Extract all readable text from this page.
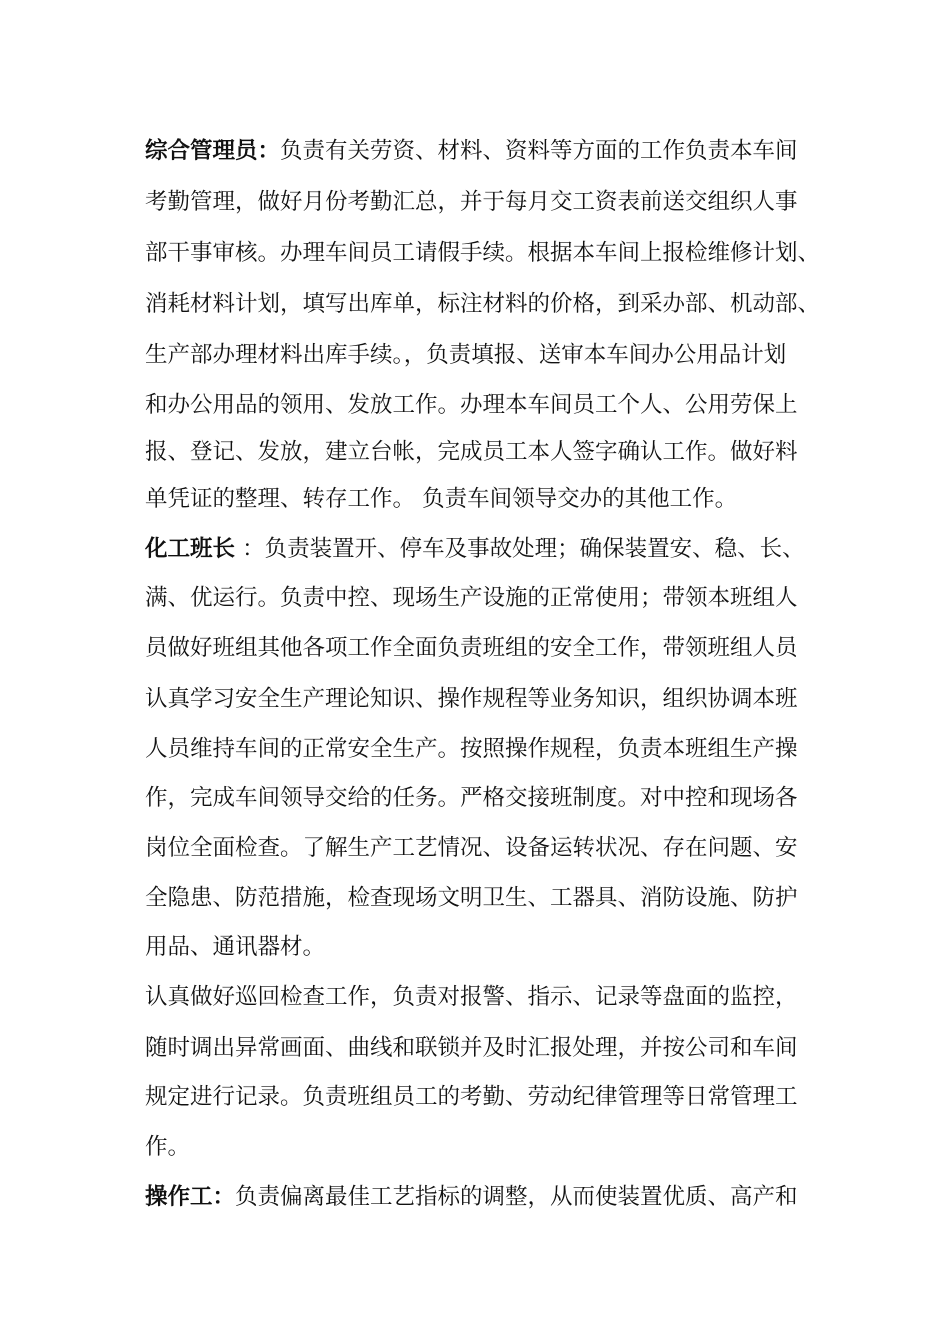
综合管理员：负责有关劳资、材料、资料等方面的工作负责本车间
考勤管理，做好月份考勤汇总，并于每月交工资表前送交组织人事
部干事审核。办理车间员工请假手续。根据本车间上报检维修计划、
消耗材料计划，填写出库单，标注材料的价格，到采办部、机动部、
生产部办理材料出库手续。，负责填报、送审本车间办公用品计划
和办公用品的领用、发放工作。办理本车间员工个人、公用劳保上
报、登记、发放，建立台帐，完成员工本人签字确认工作。做好料
单凭证的整理、转存工作。 负责车间领导交办的其他工作。
化工班长 ：负责装置开、停车及事故处理；确保装置安、稳、长、
满、优运行。负责中控、现场生产设施的正常使用；带领本班组人
员做好班组其他各项工作全面负责班组的安全工作，带领班组人员
认真学习安全生产理论知识、操作规程等业务知识，组织协调本班
人员维持车间的正常安全生产。按照操作规程，负责本班组生产操
作，完成车间领导交给的任务。严格交接班制度。对中控和现场各
岗位全面检查。了解生产工艺情况、设备运转状况、存在问题、安
全隐患、防范措施，检查现场文明卫生、工器具、消防设施、防护
用品、通讯器材。
认真做好巡回检查工作，负责对报警、指示、记录等盘面的监控，
随时调出异常画面、曲线和联锁并及时汇报处理，并按公司和车间
规定进行记录。负责班组员工的考勤、劳动纪律管理等日常管理工
作。
操作工：负责偏离最佳工艺指标的调整，从而使装置优质、高产和
